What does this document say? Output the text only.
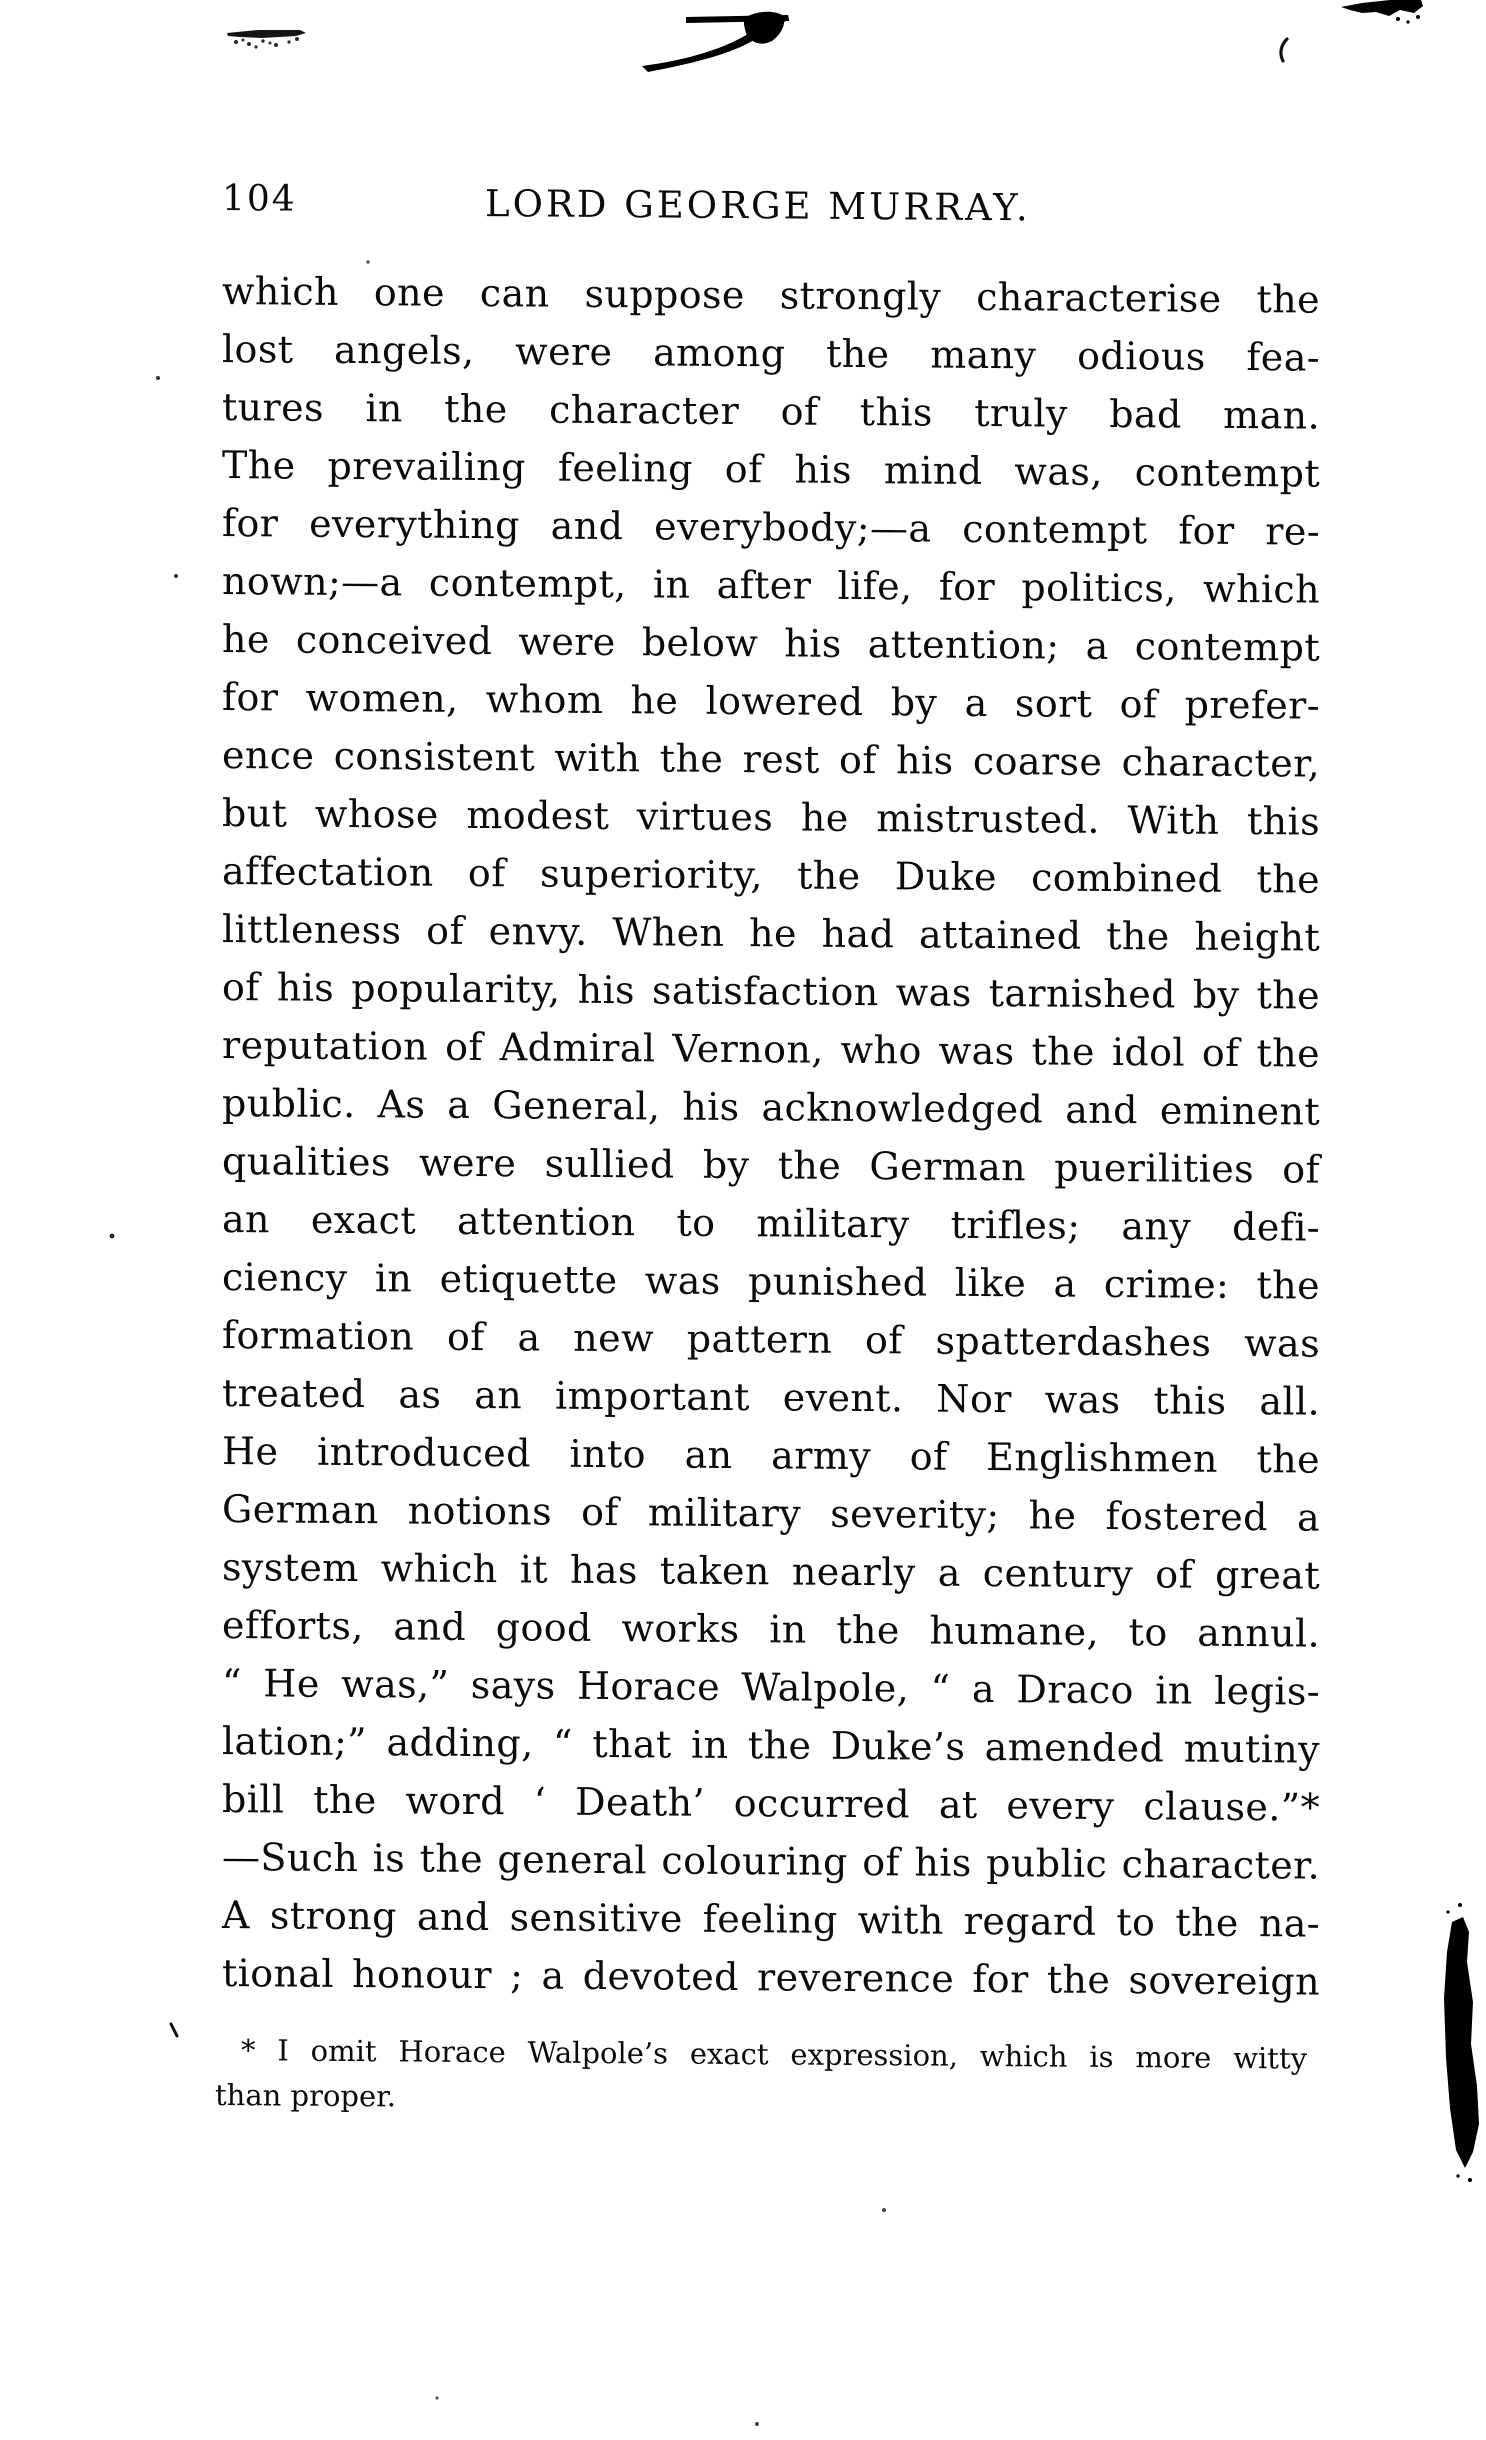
104	LORD GEORGE MURRAY.
which one can suppose strongly characterise the
lost angels, were among the many odious fea-
tures in the character of this truly bad man.
The prevailing feeling of his mind was, contempt
for everything and everybody;—a contempt for re-
nown;—a contempt, in after life, for politics, which
he conceived were below his attention; a contempt
for women, whom he lowered by a sort of prefer-
ence consistent with the rest of his coarse character,
but whose modest virtues he mistrusted. With this
affectation of superiority, the Duke combined the
littleness of envy. When he had attained the height
of his popularity, his satisfaction was tarnished by the
reputation of Admiral Vernon, who was the idol of the
public. As a General, his acknowledged and eminent
qualities were sullied by the German puerilities of
an exact attention to military trifles; any defi-
ciency in etiquette was punished like a crime: the
formation of a new pattern of spatterdashes was
treated as an important event. Nor was this all.
He introduced into an army of Englishmen the
German notions of military severity; he fostered a
system which it has taken nearly a century of great
efforts, and good works in the humane, to annul.
“ He was,” says Horace Walpole, “ a Draco in legis-
lation;” adding, “ that in the Duke’s amended mutiny
bill the word ‘ Death’ occurred at every clause.”*
—Such is the general colouring of his public character.
A strong and sensitive feeling with regard to the na-
tional honour ; a devoted reverence for the sovereign
* I omit Horace Walpole’s exact expression, which is more witty
than proper.
